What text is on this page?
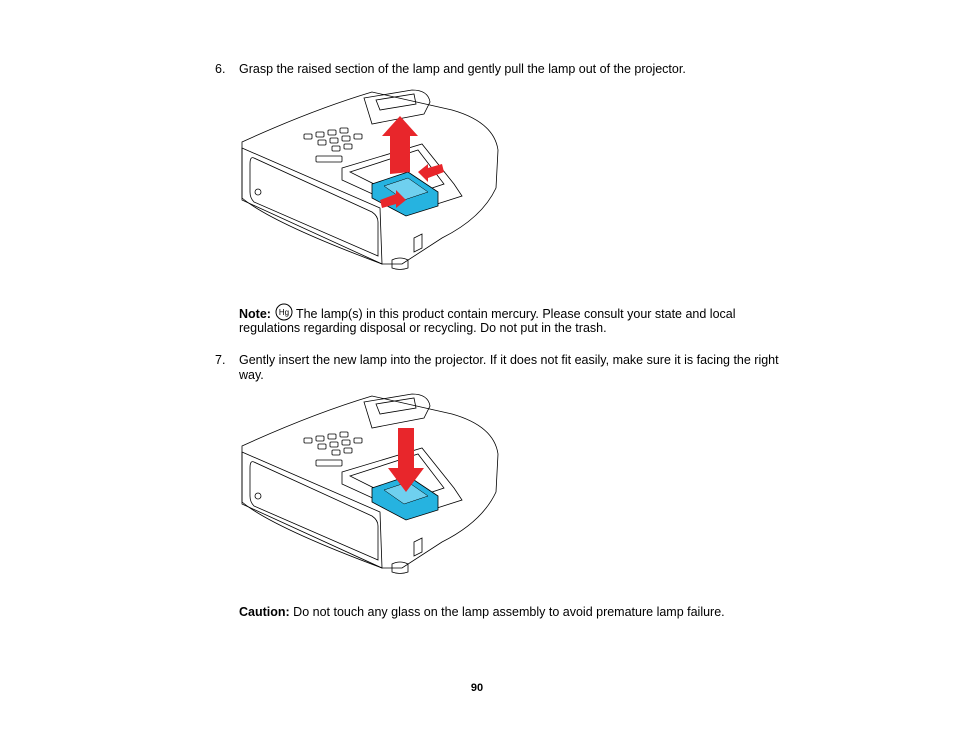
6. Grasp the raised section of the lamp and gently pull the lamp out of the projector.
Note: Hg The lamp(s) in this product contain mercury. Please consult your state and local
regulations regarding disposal or recycling. Do not put in the trash.
7. Gently insert the new lamp into the projector. If it does not fit easily, make sure it is facing the right
way.
Caution: Do not touch any glass on the lamp assembly to avoid premature lamp failure.
90
